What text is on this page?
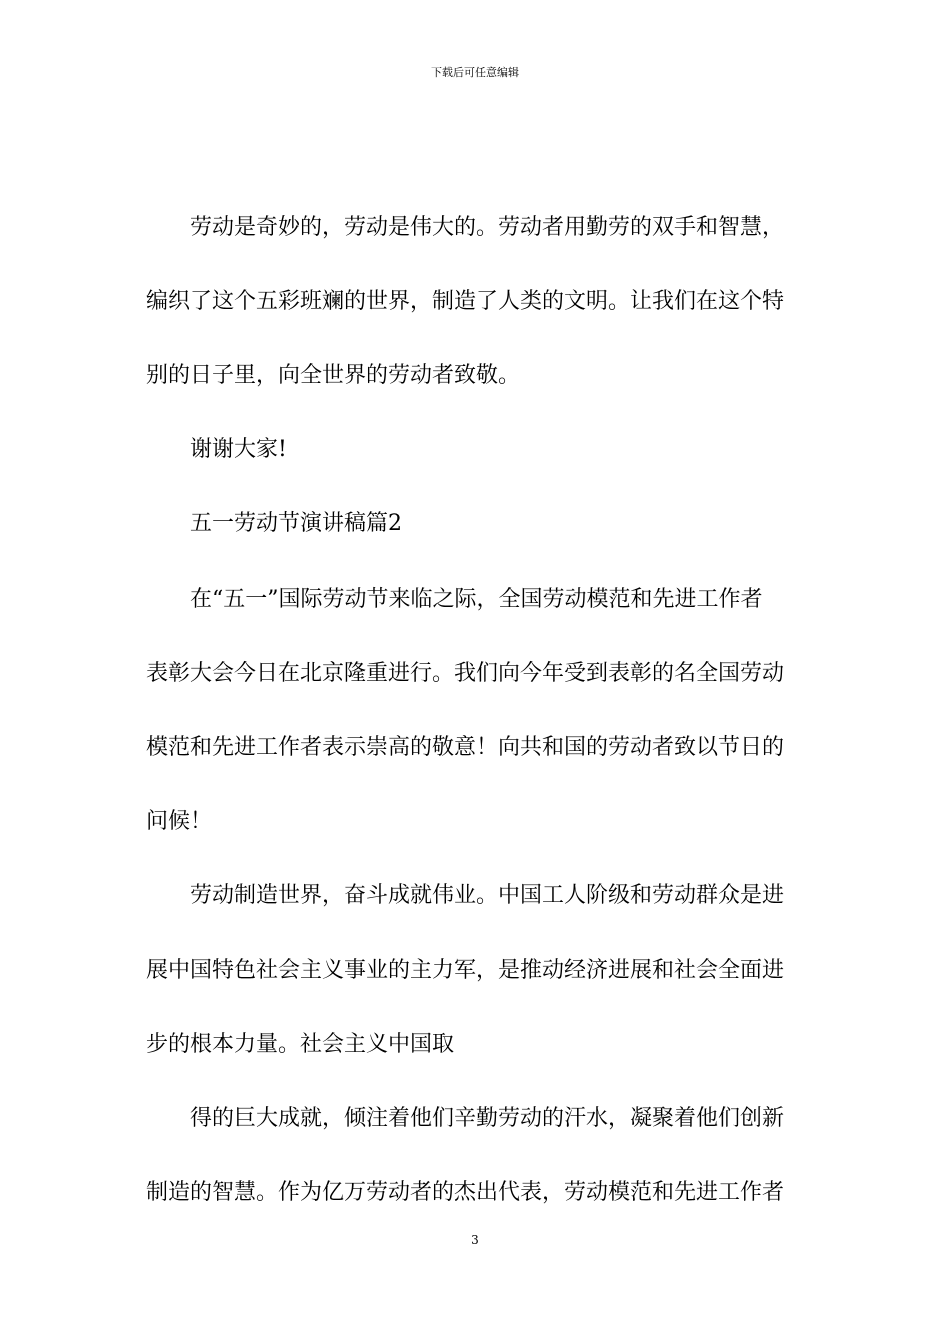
下载后可任意编辑
劳动是奇妙的，劳动是伟大的。劳动者用勤劳的双手和智慧，
编织了这个五彩班斓的世界，制造了人类的文明。让我们在这个特
别的日子里，向全世界的劳动者致敬。
谢谢大家!
五一劳动节演讲稿篇2
在“五一”国际劳动节来临之际，全国劳动模范和先进工作者
表彰大会今日在北京隆重进行。我们向今年受到表彰的名全国劳动
模范和先进工作者表示崇高的敬意！向共和国的劳动者致以节日的
问候！
劳动制造世界，奋斗成就伟业。中国工人阶级和劳动群众是进
展中国特色社会主义事业的主力军，是推动经济进展和社会全面进
步的根本力量。社会主义中国取
得的巨大成就，倾注着他们辛勤劳动的汗水，凝聚着他们创新
制造的智慧。作为亿万劳动者的杰出代表，劳动模范和先进工作者
3
